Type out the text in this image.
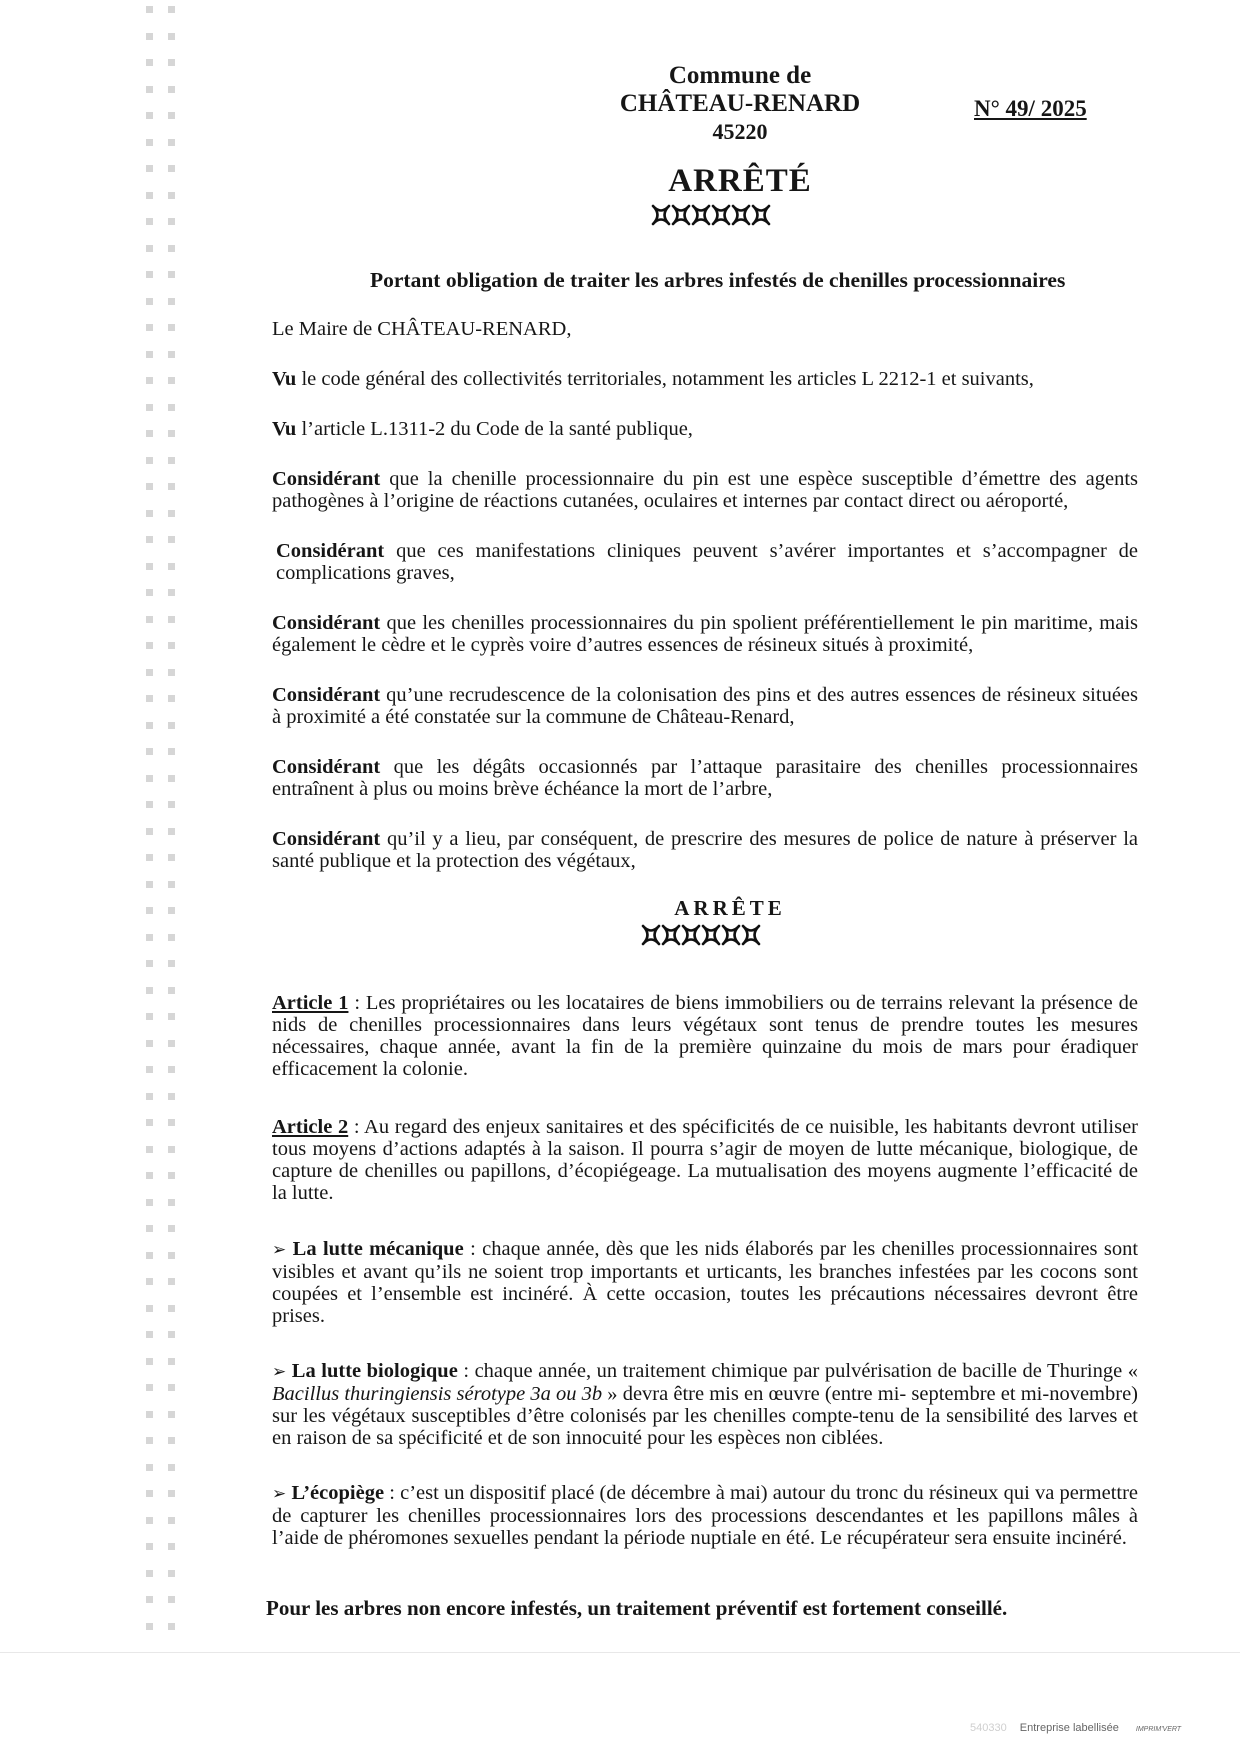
Commune de
CHÂTEAU-RENARD
45220
N° 49/ 2025
ARRÊTÉ
Portant obligation de traiter les arbres infestés de chenilles processionnaires
Le Maire de CHÂTEAU-RENARD,
Vu le code général des collectivités territoriales, notamment les articles L 2212-1 et suivants,
Vu l’article L.1311-2 du Code de la santé publique,
Considérant que la chenille processionnaire du pin est une espèce susceptible d’émettre des agents pathogènes à l’origine de réactions cutanées, oculaires et internes par contact direct ou aéroporté,
Considérant que ces manifestations cliniques peuvent s’avérer importantes et s’accompagner de complications graves,
Considérant que les chenilles processionnaires du pin spolient préférentiellement le pin maritime, mais également le cèdre et le cyprès voire d’autres essences de résineux situés à proximité,
Considérant qu’une recrudescence de la colonisation des pins et des autres essences de résineux situées à proximité a été constatée sur la commune de Château-Renard,
Considérant que les dégâts occasionnés par l’attaque parasitaire des chenilles processionnaires entraînent à plus ou moins brève échéance la mort de l’arbre,
Considérant qu’il y a lieu, par conséquent, de prescrire des mesures de police de nature à préserver la santé publique et la protection des végétaux,
ARRÊTE
Article 1 : Les propriétaires ou les locataires de biens immobiliers ou de terrains relevant la présence de nids de chenilles processionnaires dans leurs végétaux sont tenus de prendre toutes les mesures nécessaires, chaque année, avant la fin de la première quinzaine du mois de mars pour éradiquer efficacement la colonie.
Article 2 : Au regard des enjeux sanitaires et des spécificités de ce nuisible, les habitants devront utiliser tous moyens d’actions adaptés à la saison. Il pourra s’agir de moyen de lutte mécanique, biologique, de capture de chenilles ou papillons, d’écopiégeage. La mutualisation des moyens augmente l’efficacité de la lutte.
➢ La lutte mécanique : chaque année, dès que les nids élaborés par les chenilles processionnaires sont visibles et avant qu’ils ne soient trop importants et urticants, les branches infestées par les cocons sont coupées et l’ensemble est incinéré. À cette occasion, toutes les précautions nécessaires devront être prises.
➢ La lutte biologique : chaque année, un traitement chimique par pulvérisation de bacille de Thuringe « Bacillus thuringiensis sérotype 3a ou 3b » devra être mis en œuvre (entre mi- septembre et mi-novembre) sur les végétaux susceptibles d’être colonisés par les chenilles compte-tenu de la sensibilité des larves et en raison de sa spécificité et de son innocuité pour les espèces non ciblées.
➢ L’écopiège : c’est un dispositif placé (de décembre à mai) autour du tronc du résineux qui va permettre de capturer les chenilles processionnaires lors des processions descendantes et les papillons mâles à l’aide de phéromones sexuelles pendant la période nuptiale en été. Le récupérateur sera ensuite incinéré.
Pour les arbres non encore infestés, un traitement préventif est fortement conseillé.
540330 Entreprise labellisée IMPRIM'VERT
